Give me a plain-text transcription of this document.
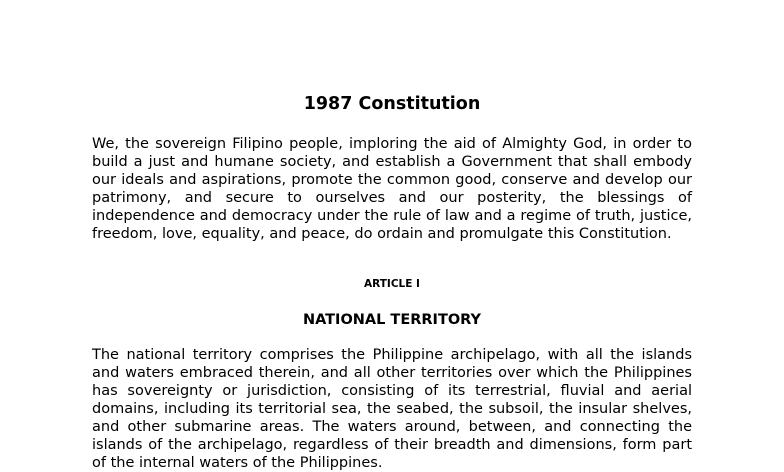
1987 Constitution

We, the sovereign Filipino people, imploring the aid of Almighty God, in order to build a just and humane society, and establish a Government that shall embody our ideals and aspirations, promote the common good, conserve and develop our patrimony, and secure to ourselves and our posterity, the blessings of independence and democracy under the rule of law and a regime of truth, justice, freedom, love, equality, and peace, do ordain and promulgate this Constitution.

ARTICLE I
NATIONAL TERRITORY

The national territory comprises the Philippine archipelago, with all the islands and waters embraced therein, and all other territories over which the Philippines has sovereignty or jurisdiction, consisting of its terrestrial, fluvial and aerial domains, including its territorial sea, the seabed, the subsoil, the insular shelves, and other submarine areas. The waters around, between, and connecting the islands of the archipelago, regardless of their breadth and dimensions, form part of the internal waters of the Philippines.
